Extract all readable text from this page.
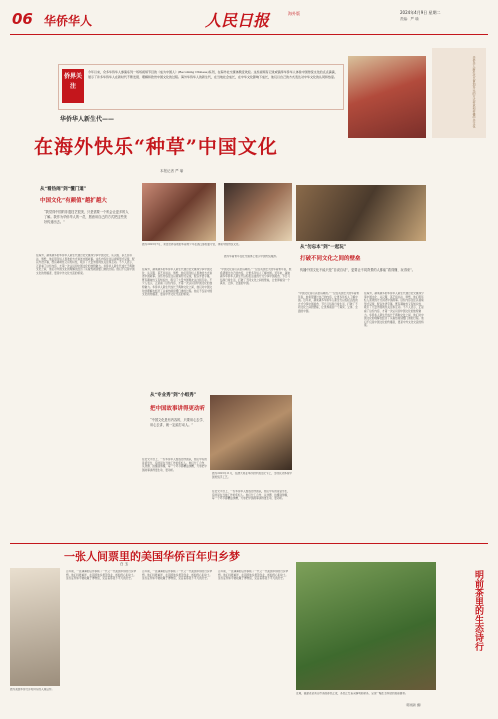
06 华侨华人	人民日报	海外版	2024年4月9日 星期二
责编：严 瑜
侨界关注
今年以来，众多华侨华人参演系列一场场视频节目的《成为中国人》(Becoming Chinese)系列，在海外社交媒体颇受欢迎。这些视频有记录或演绎华侨华人体验中国传统文化的点点滴滴，展示了许多华侨华人在新时代不断发现、理解和欣赏中国文化的过程。海外华侨华人的新生代，在当地社会成长，在中华文化影响下成长，他们以自己的方式表达对中华文化的认同和热爱。	华侨华人新生代以更加多元的方式传承和传播中华文化
华侨华人新生代——
在海外快乐“种草”中国文化
本报记者 严 瑜
从“看热闹”到“懂门道”
中国文化“有颜值”越扩越大
“我觉得中国的非遗技艺很美，只是需要一个机会让更多的人了解。我作为华侨华人的一员，愿意用自己的方式把这些美好传递出去。”
在海外，越来越多的华侨华人新生代通过社交媒体分享中国文化，从汉服、茶艺到书法、剪纸，他们用年轻人喜欢的方式讲述中国故事。这些内容往往以视频形式呈现，配以外语字幕，既有趣味性又有知识性，吸引了大量外国网友关注和互动。不少人表示，正是看了这些内容，才第一次认识到中国文化的独特魅力。华侨华人新生代成长于两种文化之间，他们对中国文化的理解也经历了从看热闹到懂门道的过程。他们不仅是中国文化的传播者，更是中外文化交流的桥梁。
图为2023年7月，来自世界各地的华裔青少年在浙江参加夏令营，体验中国传统文化。
图为华裔青年在社交媒体上展示中国传统服饰。
在海外，越来越多的华侨华人新生代通过社交媒体分享中国文化，从汉服、茶艺到书法、剪纸，他们用年轻人喜欢的方式讲述中国故事。这些内容往往以视频形式呈现，配以外语字幕，既有趣味性又有知识性，吸引了大量外国网友关注和互动。不少人表示，正是看了这些内容，才第一次认识到中国文化的独特魅力。华侨华人新生代成长于两种文化之间，他们对中国文化的理解也经历了从看热闹到懂门道的过程。他们不仅是中国文化的传播者，更是中外文化交流的桥梁。
“中国文化是可以很有趣的。”一位在英国长大的华裔青年说，他希望通过自己的内容，让更多年轻人了解中国。近年来，越来越多华侨华人新生代以轻松活泼的方式分享中国美食、节日习俗和日常生活，打破了不同文化之间的壁垒，让世界看到一个真实、立体、全面的中国。
从“专业秀”到“小组秀”
把中国故事讲得更动听
“中国文化是有内容的，只要用心去学、用心去讲，就一定能打动人。”
图为2023年11月，在澳大利亚举办的中国文化节上，当地民众体验中国传统手工艺。
在社交平台上，一些华侨华人组成创作团队，他们中有的是留学生，有的是在当地工作的年轻人。他们分工合作，从选题、拍摄到剪辑，每一个环节都精益求精，力求把中国故事讲得更生动、更动听。
在社交平台上，一些华侨华人组成创作团队，他们中有的是留学生，有的是在当地工作的年轻人。他们分工合作，从选题、拍摄到剪辑，每一个环节都精益求精，力求把中国故事讲得更生动、更动听。
从“勿忘本”到“一起玩”
打破不同文化之间的壁垒
传播中国文化不能只是“自说自话”，更要让不同背景的人都能“看得懂、玩得来”。
“中国文化是可以很有趣的。”一位在英国长大的华裔青年说，他希望通过自己的内容，让更多年轻人了解中国。近年来，越来越多华侨华人新生代以轻松活泼的方式分享中国美食、节日习俗和日常生活，打破了不同文化之间的壁垒，让世界看到一个真实、立体、全面的中国。
在海外，越来越多的华侨华人新生代通过社交媒体分享中国文化，从汉服、茶艺到书法、剪纸，他们用年轻人喜欢的方式讲述中国故事。这些内容往往以视频形式呈现，配以外语字幕，既有趣味性又有知识性，吸引了大量外国网友关注和互动。不少人表示，正是看了这些内容，才第一次认识到中国文化的独特魅力。华侨华人新生代成长于两种文化之间，他们对中国文化的理解也经历了从看热闹到懂门道的过程。他们不仅是中国文化的传播者，更是中外文化交流的桥梁。
一张人间票里的美国华侨百年归乡梦
白 玉
图为美国华侨归乡时持有的入境证件。
百年前，一张薄薄的证件承载了一代又一代美国华侨的归乡梦想。他们远渡重洋，在异国他乡艰苦创业，却始终心系故土。这些证件如今被收藏于博物馆，见证着那段不平凡的历史。
百年前，一张薄薄的证件承载了一代又一代美国华侨的归乡梦想。他们远渡重洋，在异国他乡艰苦创业，却始终心系故土。这些证件如今被收藏于博物馆，见证着那段不平凡的历史。
百年前，一张薄薄的证件承载了一代又一代美国华侨的归乡梦想。他们远渡重洋，在异国他乡艰苦创业，却始终心系故土。这些证件如今被收藏于博物馆，见证着那段不平凡的历史。	明前茶里的生态诗行
近期，福建省武夷山市茶园春色正浓，茶农正忙着采摘明前新茶，呈现一幅生态和谐的美丽画卷。
（陈炳新 摄）
